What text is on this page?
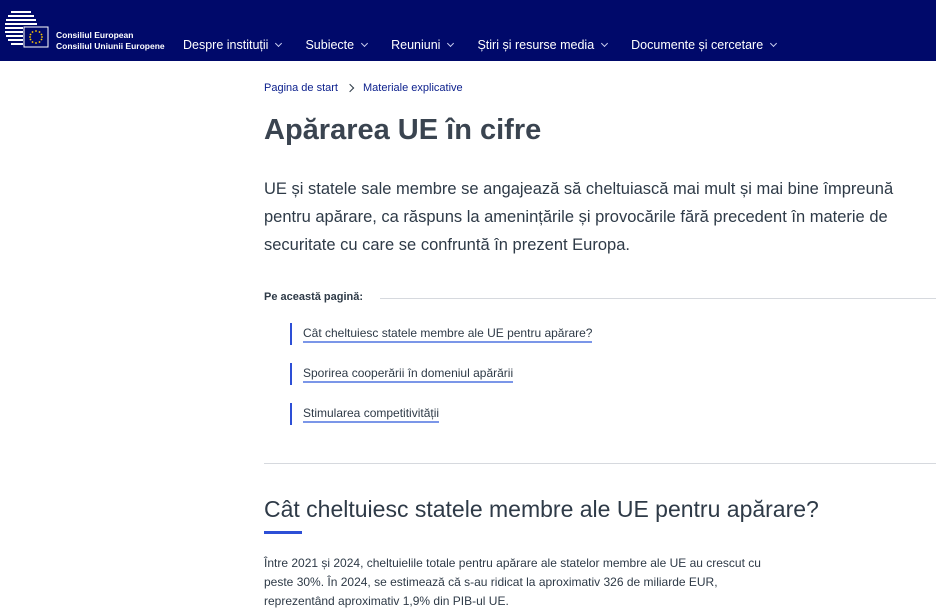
Consiliul European
Consiliul Uniunii Europene Despre instituții	Subiecte	Reuniuni	Știri și resurse media	Documente și cercetare
Pagina de start Materiale explicative
Apărarea UE în cifre

UE și statele sale membre se angajează să cheltuiască mai mult și mai bine împreună pentru apărare, ca răspuns la amenințările și provocările fără precedent în materie de securitate cu care se confruntă în prezent Europa.

Pe această pagină:
Cât cheltuiesc statele membre ale UE pentru apărare?
Sporirea cooperării în domeniul apărării
Stimularea competitivității
Cât cheltuiesc statele membre ale UE pentru apărare?

Între 2021 și 2024, cheltuielile totale pentru apărare ale statelor membre ale UE au crescut cu peste 30%. În 2024, se estimează că s-au ridicat la aproximativ 326 de miliarde EUR, reprezentând aproximativ 1,9% din PIB-ul UE.
